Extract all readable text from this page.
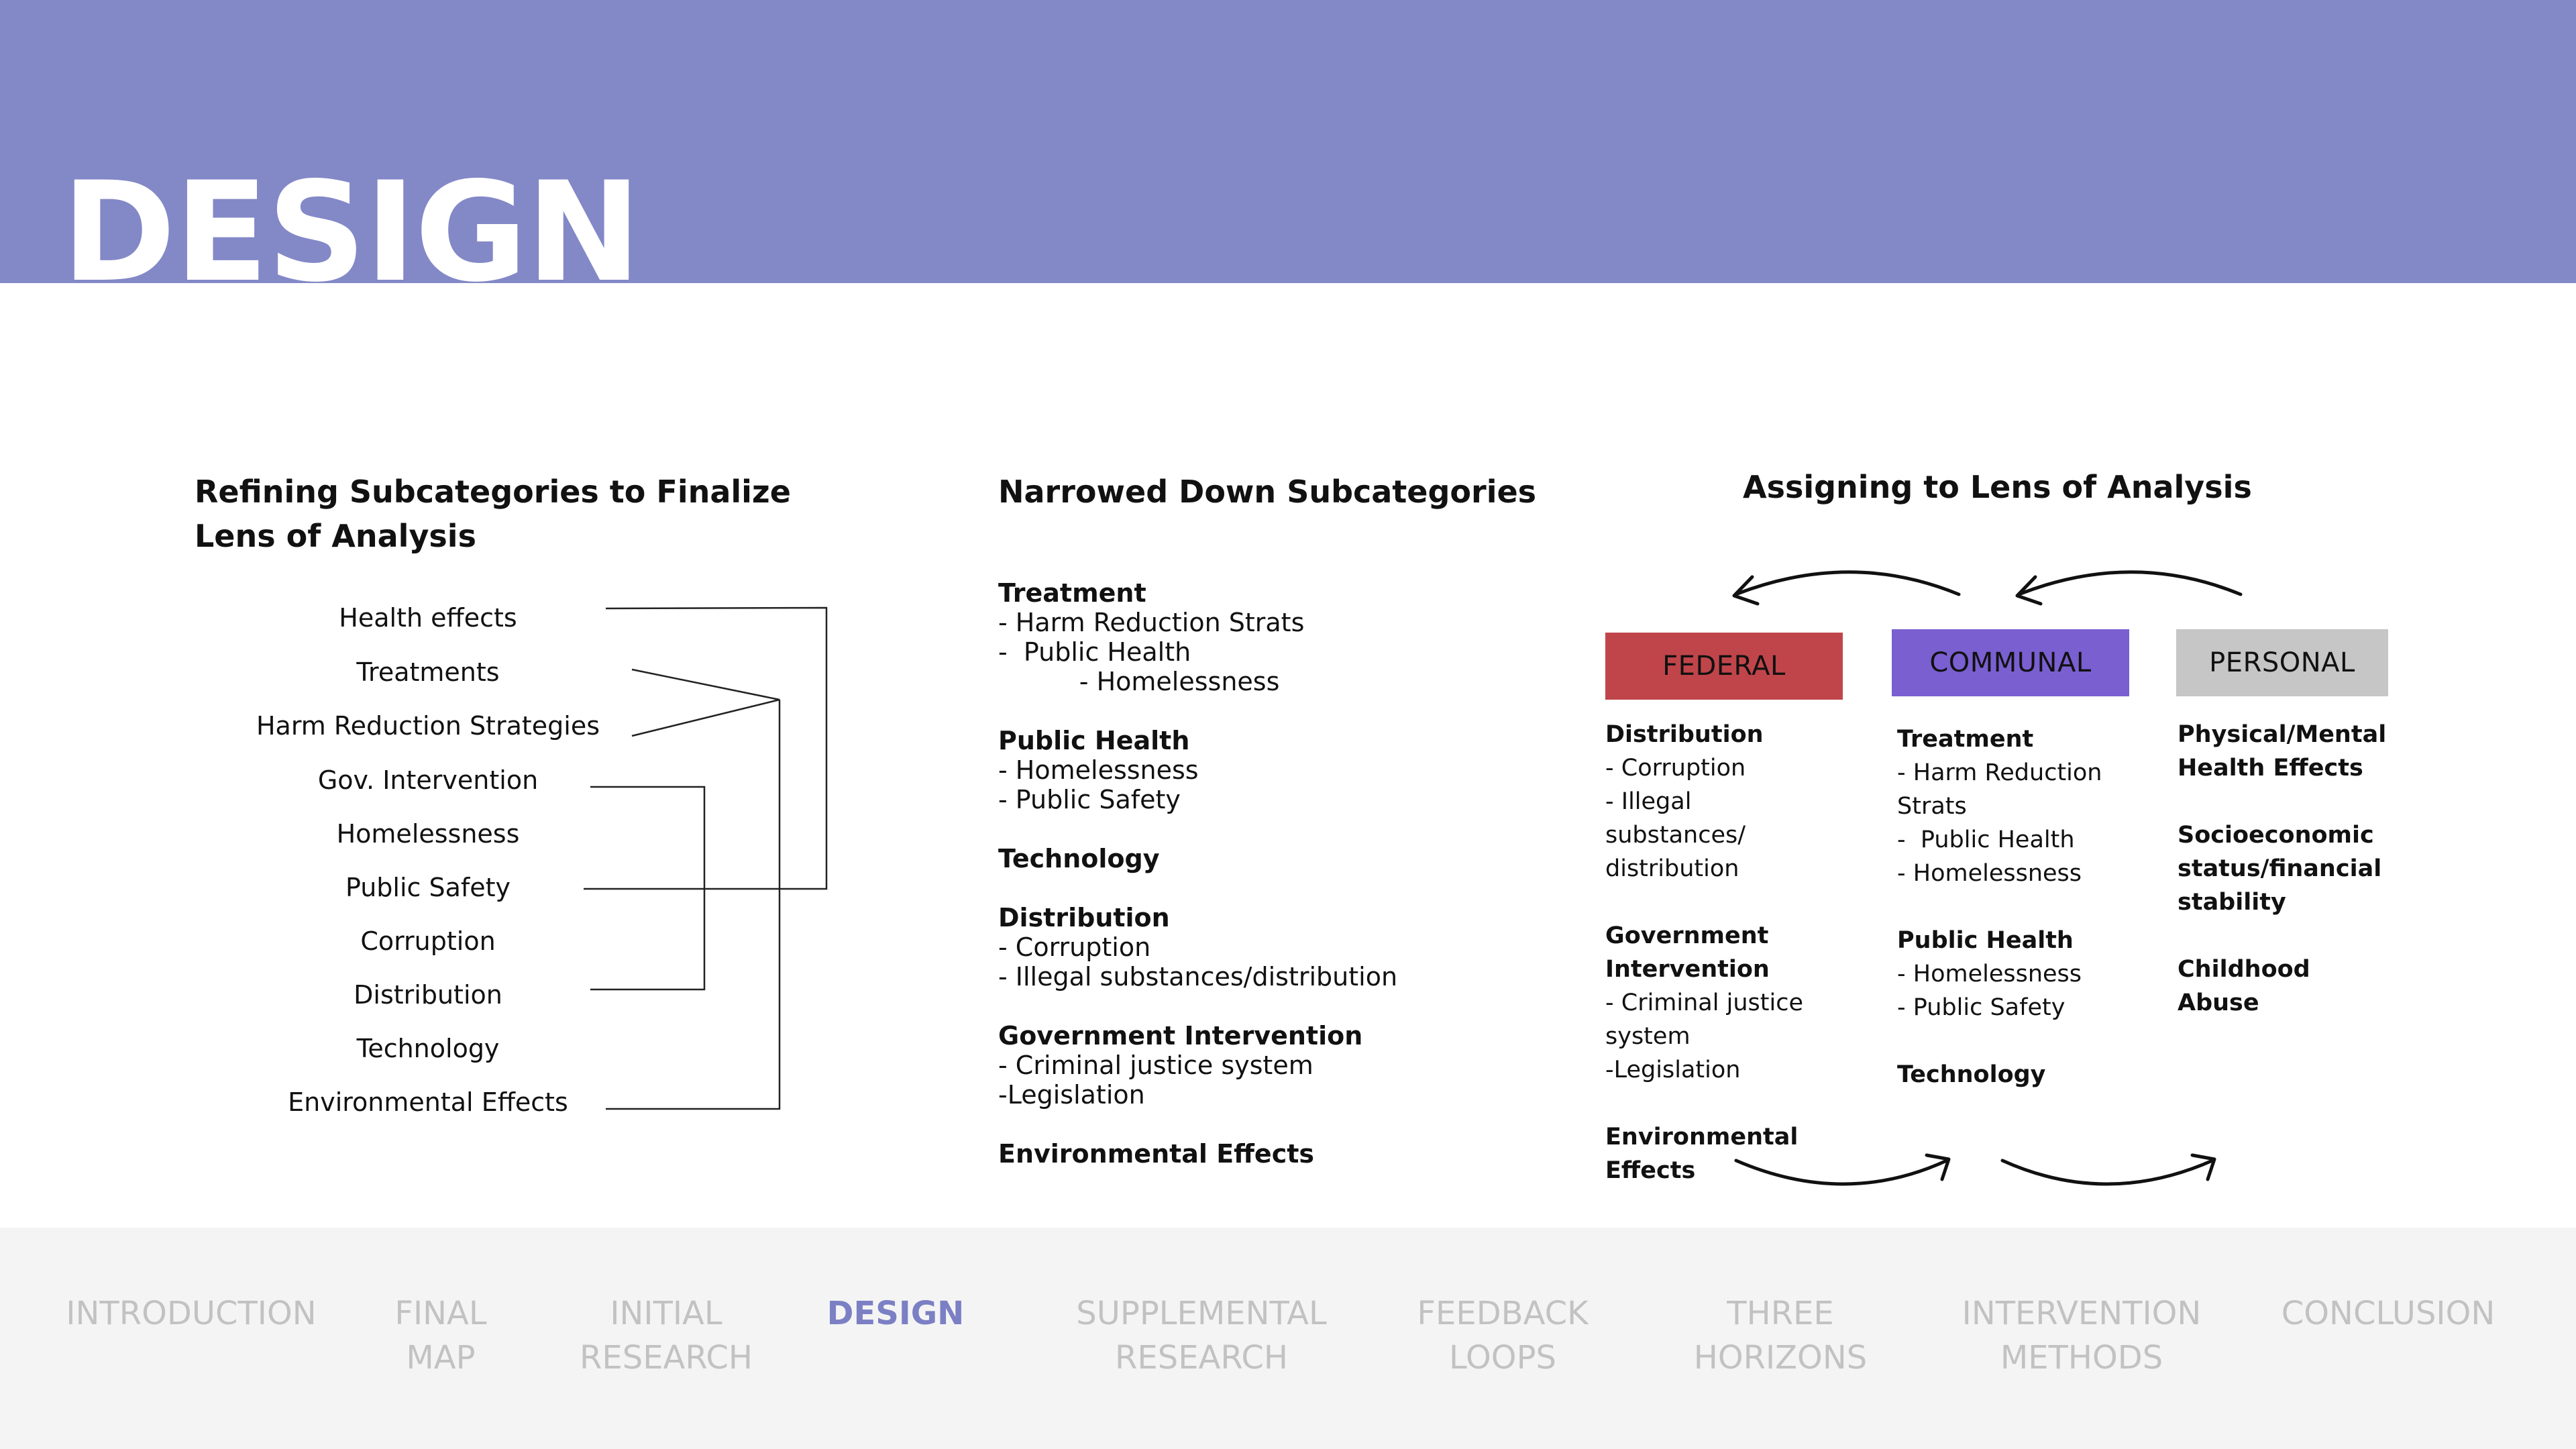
DESIGN
Refining Subcategories to Finalize
Lens of Analysis
Health effects
Treatments
Harm Reduction Strategies
Gov. Intervention
Homelessness
Public Safety
Corruption
Distribution
Technology
Environmental Effects
Narrowed Down Subcategories
Treatment
- Harm Reduction Strats
-  Public Health
- Homelessness
Public Health
- Homelessness
- Public Safety
Technology
Distribution
- Corruption
- Illegal substances/distribution
Government Intervention
- Criminal justice system
-Legislation
Environmental Effects
Assigning to Lens of Analysis
FEDERAL
Distribution
- Corruption
- Illegal substances/ distribution
Government Intervention
- Criminal justice system
-Legislation
Environmental Effects
COMMUNAL
Treatment
- Harm Reduction Strats
-  Public Health
- Homelessness
Public Health
- Homelessness
- Public Safety
Technology
PERSONAL
Physical/Mental Health Effects
Socioeconomic status/financial stability
Childhood Abuse
INTRODUCTION	FINAL
MAP
INITIAL
RESEARCH
DESIGN	SUPPLEMENTAL
RESEARCH
FEEDBACK
LOOPS
THREE
HORIZONS
INTERVENTION
METHODS
CONCLUSION
